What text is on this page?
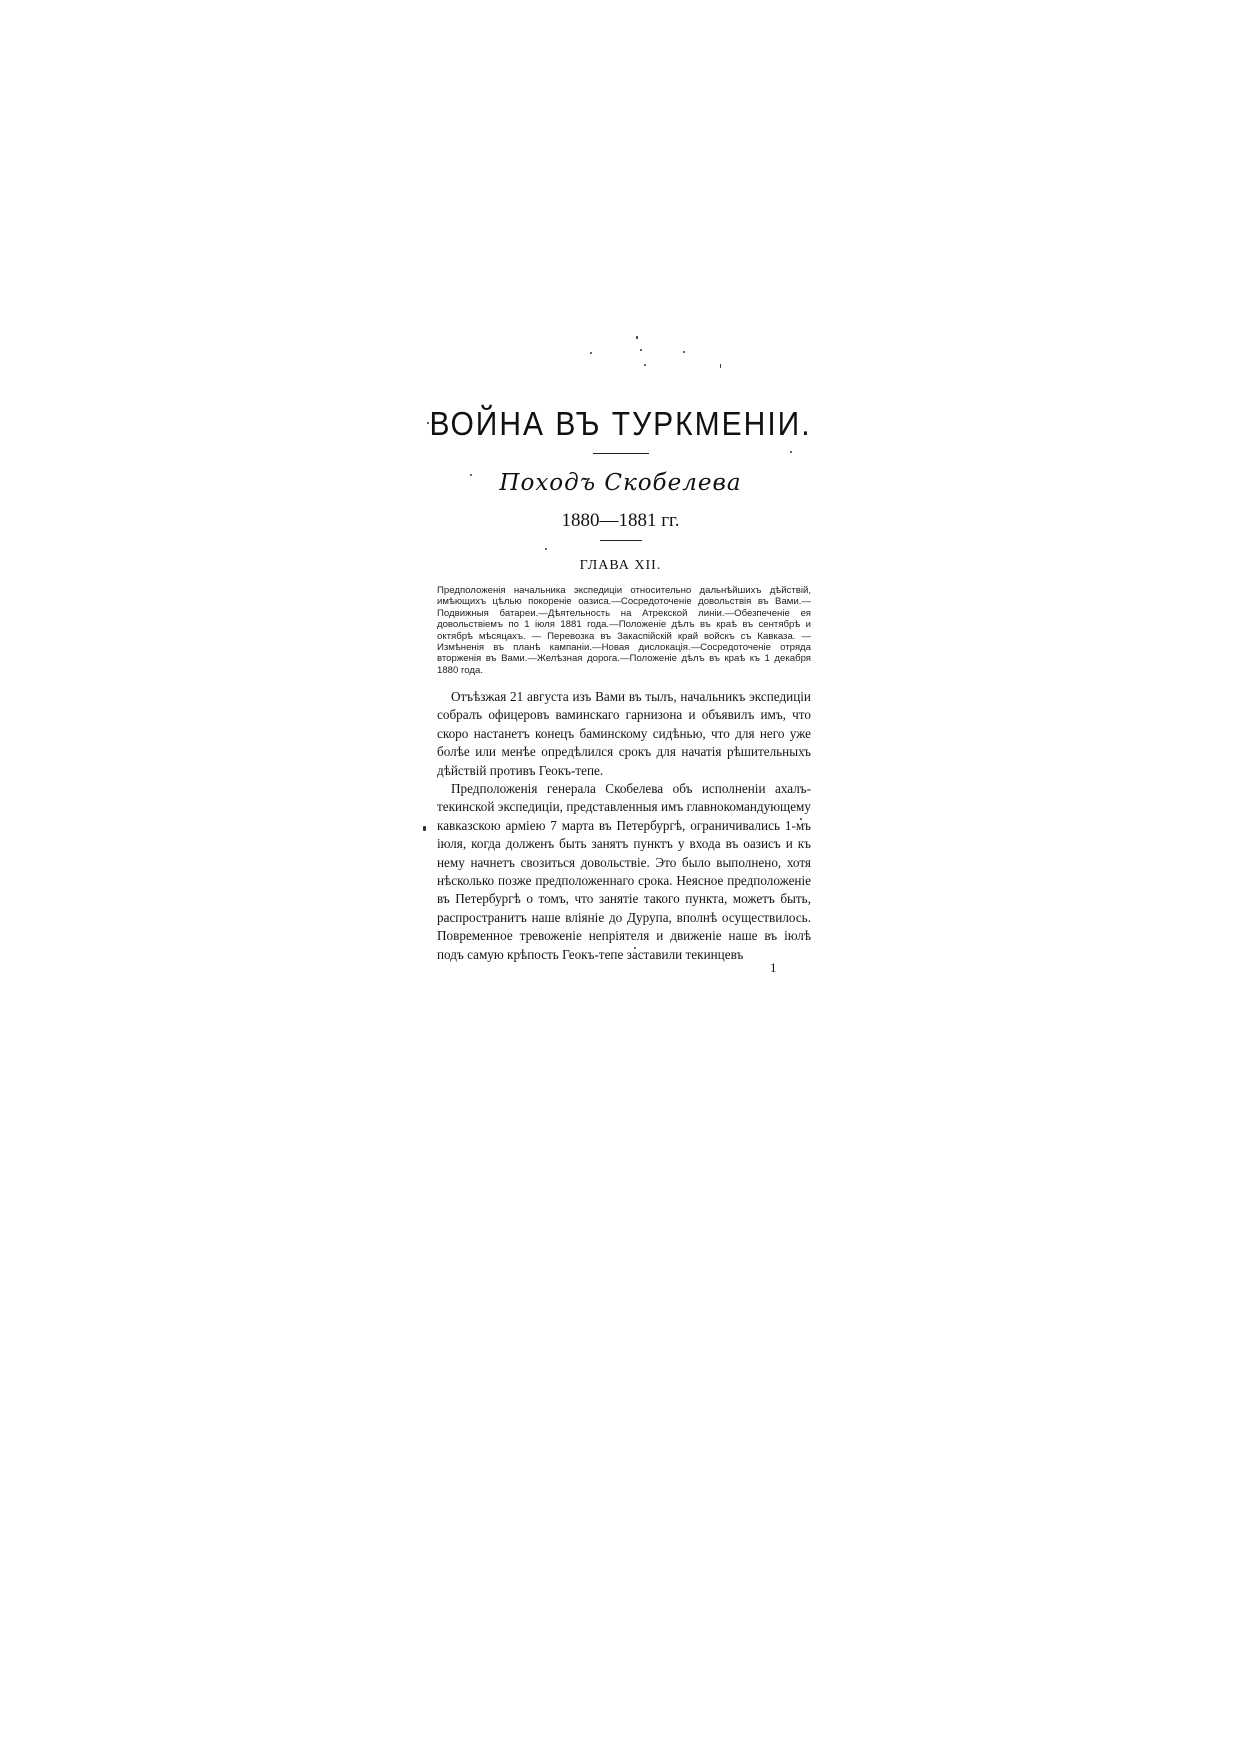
ВОЙНА ВЪ ТУРКМЕНІИ.
Походъ Скобелева
1880—1881 гг.
ГЛАВА XII.

Предположенія начальника экспедиціи относительно дальнѣйшихъ дѣйствій, имѣющихъ цѣлью покореніе оазиса.—Сосредоточеніе довольствія въ Вами.—Подвижныя батареи.—Дѣятельность на Атрекской линіи.—Обезпеченіе ея довольствіемъ по 1 іюля 1881 года.—Положеніе дѣлъ въ краѣ въ сентябрѣ и октябрѣ мѣсяцахъ. — Перевозка въ Закаспійскій край войскъ съ Кавказа. — Измѣненія въ планѣ кампаніи.—Новая дислокація.—Сосредоточеніе отряда вторженія въ Вами.—Желѣзная дорога.—Положеніе дѣлъ въ краѣ къ 1 декабря 1880 года.

Отъѣзжая 21 августа изъ Вами въ тылъ, начальникъ экспедиціи собралъ офицеровъ ваминскаго гарнизона и объявилъ имъ, что скоро настанетъ конецъ баминскому сидѣнью, что для него уже болѣе или менѣе опредѣлился срокъ для начатія рѣшительныхъ дѣйствій противъ Геокъ-тепе.

Предположенія генерала Скобелева объ исполненіи ахалъ-текинской экспедиціи, представленныя имъ главнокомандующему кавказскою арміею 7 марта въ Петербургѣ, ограничивались 1-мъ іюля, когда долженъ быть занятъ пунктъ у входа въ оазисъ и къ нему начнетъ свозиться довольствіе. Это было выполнено, хотя нѣсколько позже предположеннаго срока. Неясное предположеніе въ Петербургѣ о томъ, что занятіе такого пункта, можетъ быть, распространитъ наше вліяніе до Дурупа, вполнѣ осуществилось. Повременное тревоженіе непріятеля и движеніе наше въ іюлѣ подъ самую крѣпость Геокъ-тепе заставили текинцевъ

1
